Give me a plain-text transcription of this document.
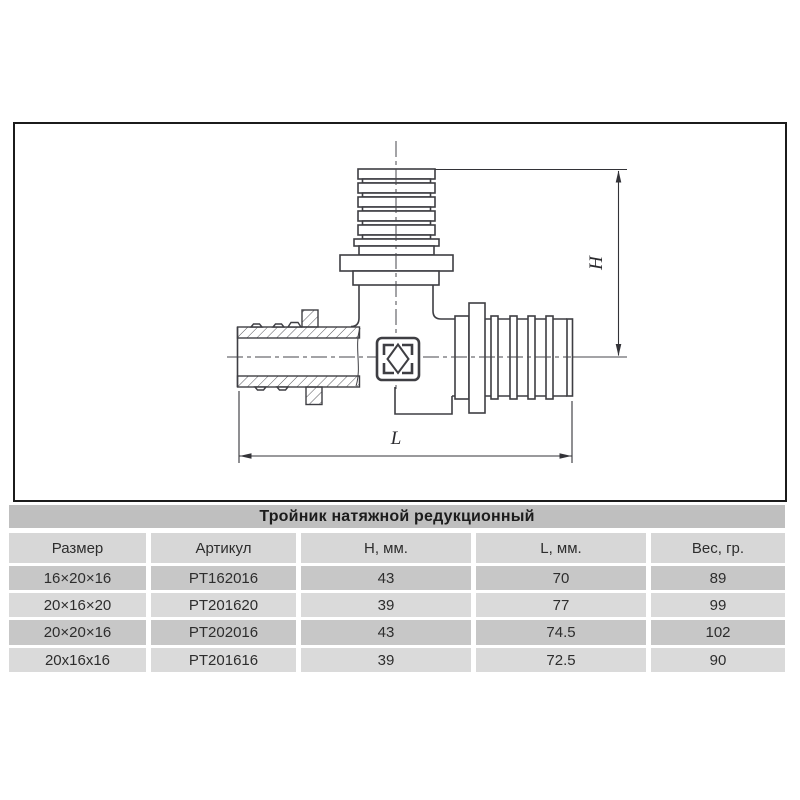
H
L
Тройник натяжной редукционный
Размер	Артикул	H, мм.	L, мм.	Вес, гр.
16×20×16	PT162016	43	70	89
20×16×20	PT201620	39	77	99
20×20×16	PT202016	43	74.5	102
20x16x16	PT201616	39	72.5	90
